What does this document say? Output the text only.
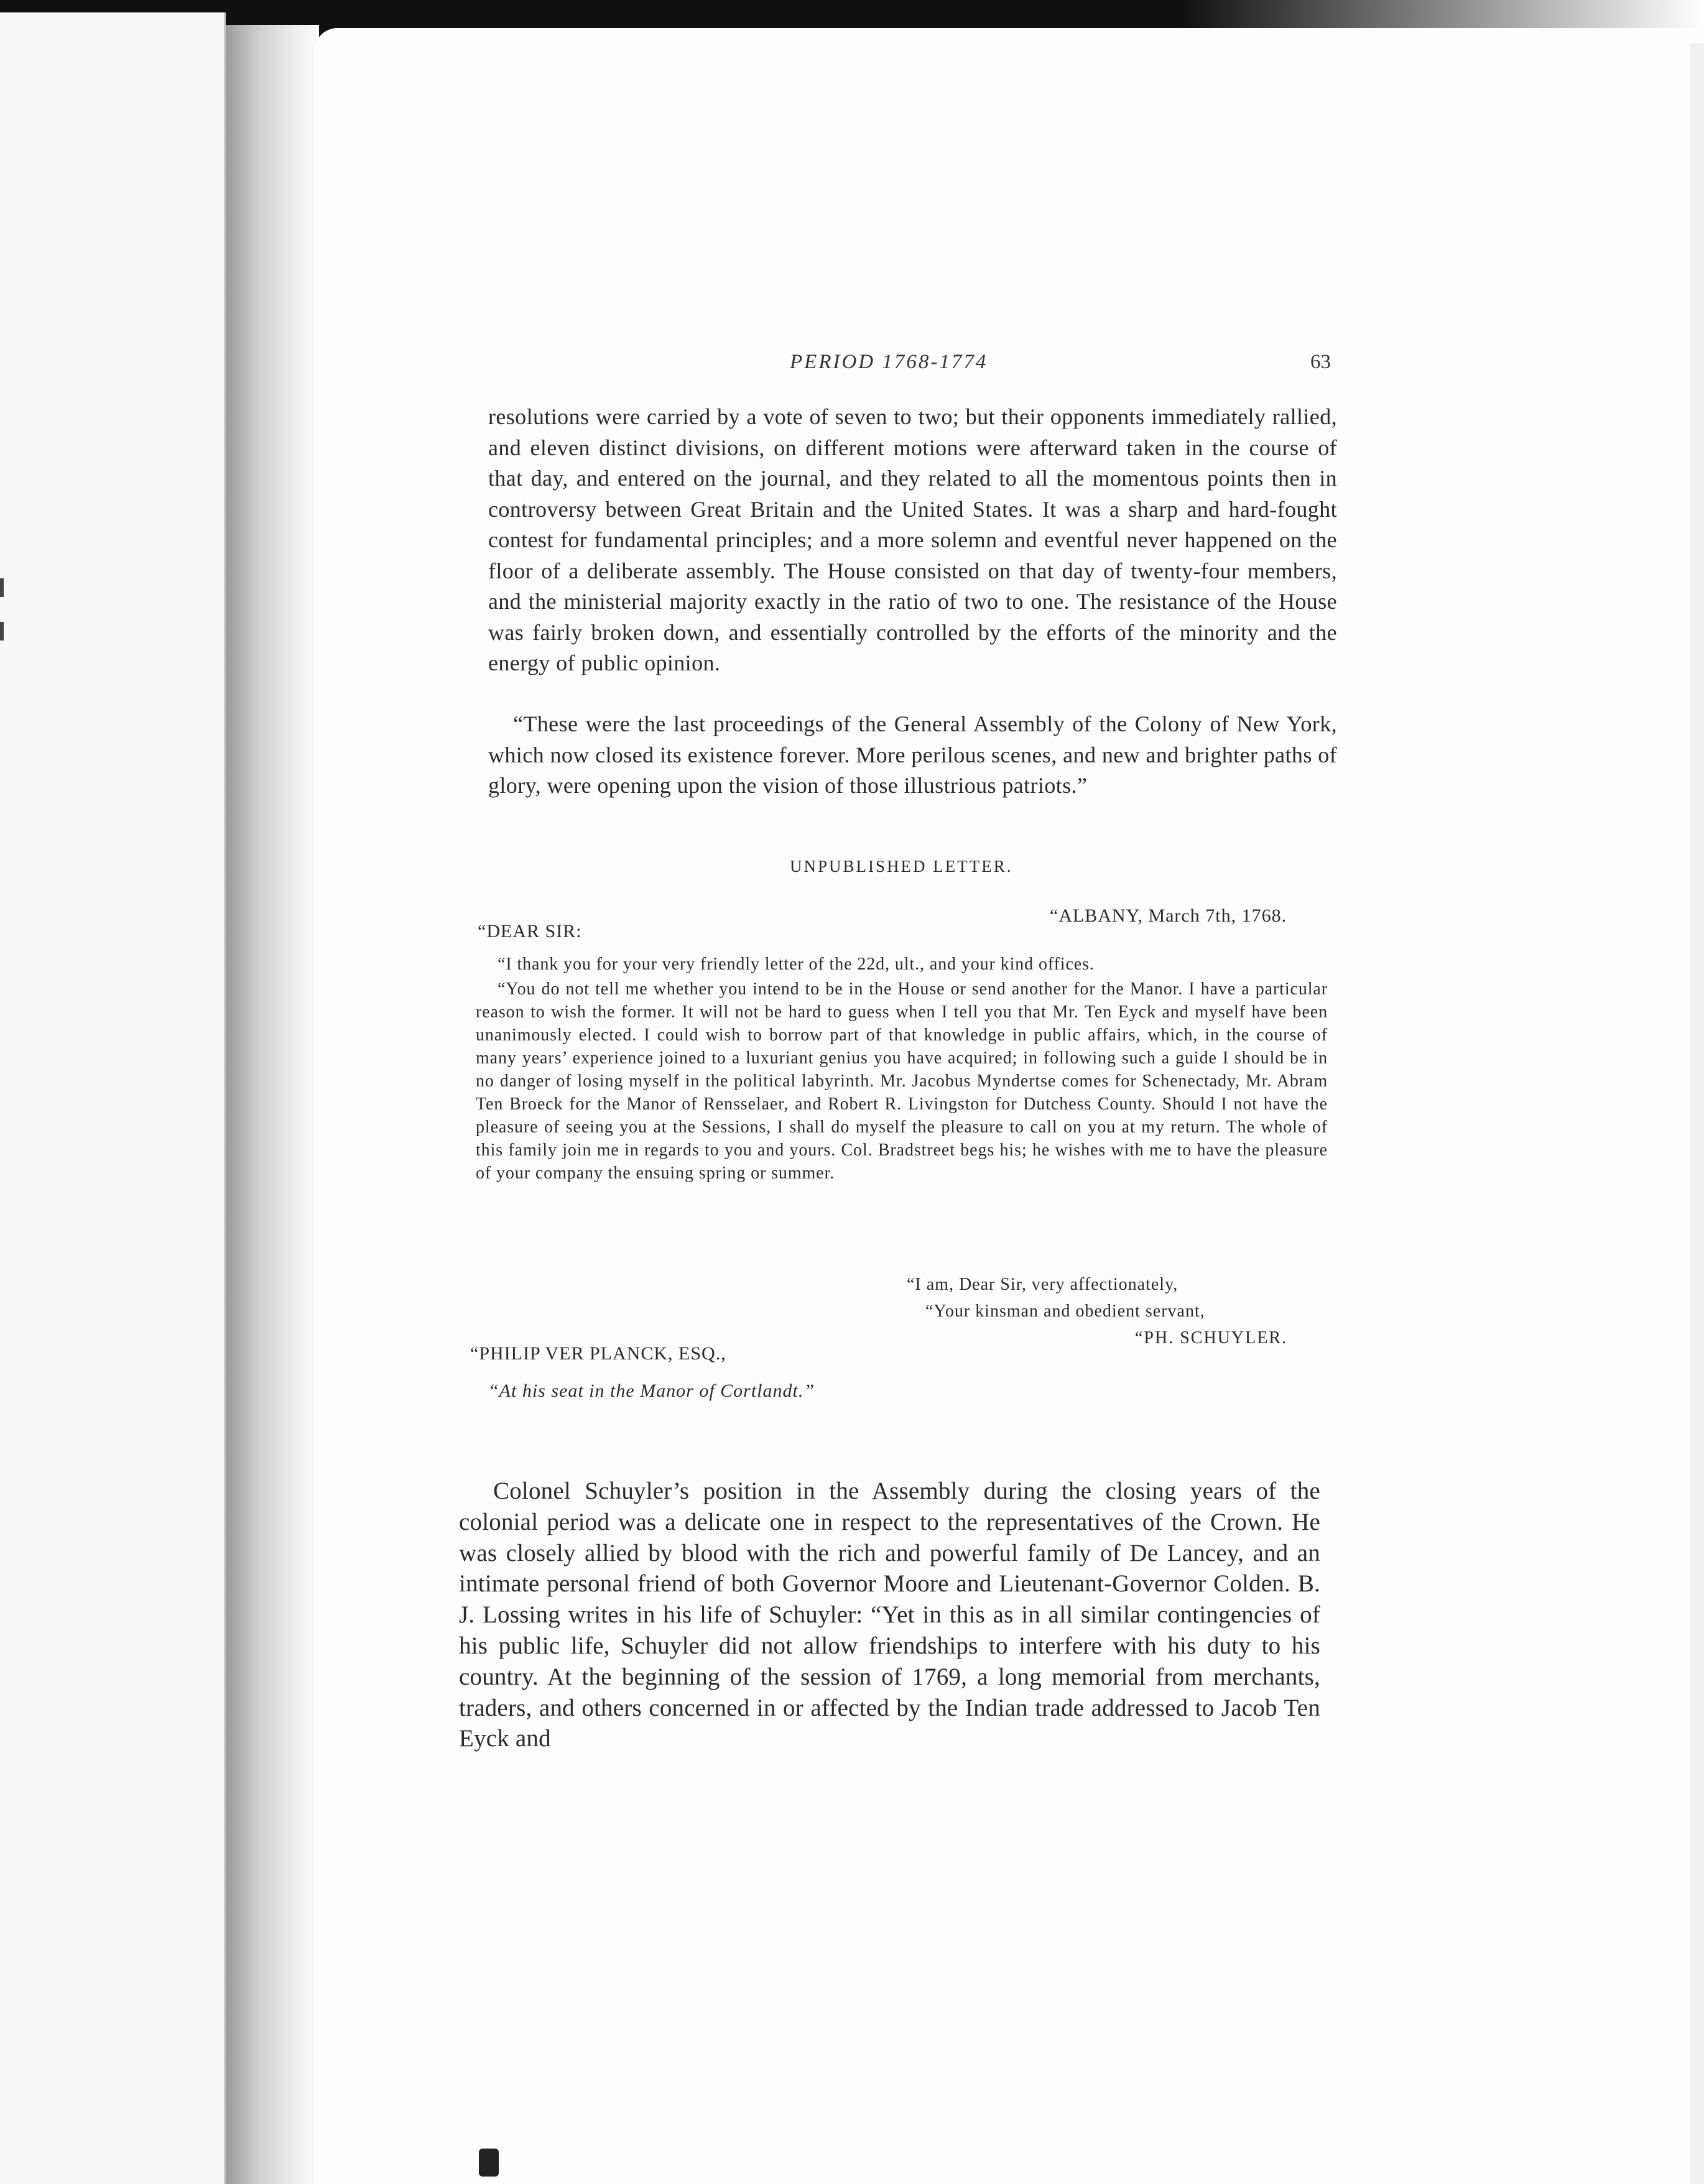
PERIOD 1768-1774	63

resolutions were carried by a vote of seven to two; but their opponents immediately rallied, and eleven distinct divisions, on different motions were afterward taken in the course of that day, and entered on the journal, and they related to all the momentous points then in controversy between Great Britain and the United States. It was a sharp and hard-fought contest for fundamental principles; and a more solemn and eventful never happened on the floor of a deliberate assembly. The House consisted on that day of twenty-four members, and the ministerial majority exactly in the ratio of two to one. The resistance of the House was fairly broken down, and essentially controlled by the efforts of the minority and the energy of public opinion.

“These were the last proceedings of the General Assembly of the Colony of New York, which now closed its existence forever. More perilous scenes, and new and brighter paths of glory, were opening upon the vision of those illustrious patriots.”

UNPUBLISHED LETTER.
“ALBANY, March 7th, 1768.
“DEAR SIR:

“I thank you for your very friendly letter of the 22d, ult., and your kind offices.

“You do not tell me whether you intend to be in the House or send another for the Manor. I have a particular reason to wish the former. It will not be hard to guess when I tell you that Mr. Ten Eyck and myself have been unanimously elected. I could wish to borrow part of that knowledge in public affairs, which, in the course of many years’ experience joined to a luxuriant genius you have acquired; in following such a guide I should be in no danger of losing myself in the political labyrinth. Mr. Jacobus Myndertse comes for Schenectady, Mr. Abram Ten Broeck for the Manor of Rensselaer, and Robert R. Livingston for Dutchess County. Should I not have the pleasure of seeing you at the Sessions, I shall do myself the pleasure to call on you at my return. The whole of this family join me in regards to you and yours. Col. Bradstreet begs his; he wishes with me to have the pleasure of your company the ensuing spring or summer.

“I am, Dear Sir, very affectionately,
“Your kinsman and obedient servant,
“PH. SCHUYLER.
“PHILIP VER PLANCK, ESQ.,
“At his seat in the Manor of Cortlandt.”

Colonel Schuyler’s position in the Assembly during the closing years of the colonial period was a delicate one in respect to the representatives of the Crown. He was closely allied by blood with the rich and powerful family of De Lancey, and an intimate personal friend of both Governor Moore and Lieutenant-Governor Colden. B. J. Lossing writes in his life of Schuyler: “Yet in this as in all similar contingencies of his public life, Schuyler did not allow friendships to interfere with his duty to his country. At the beginning of the session of 1769, a long memorial from merchants, traders, and others concerned in or affected by the Indian trade addressed to Jacob Ten Eyck and
